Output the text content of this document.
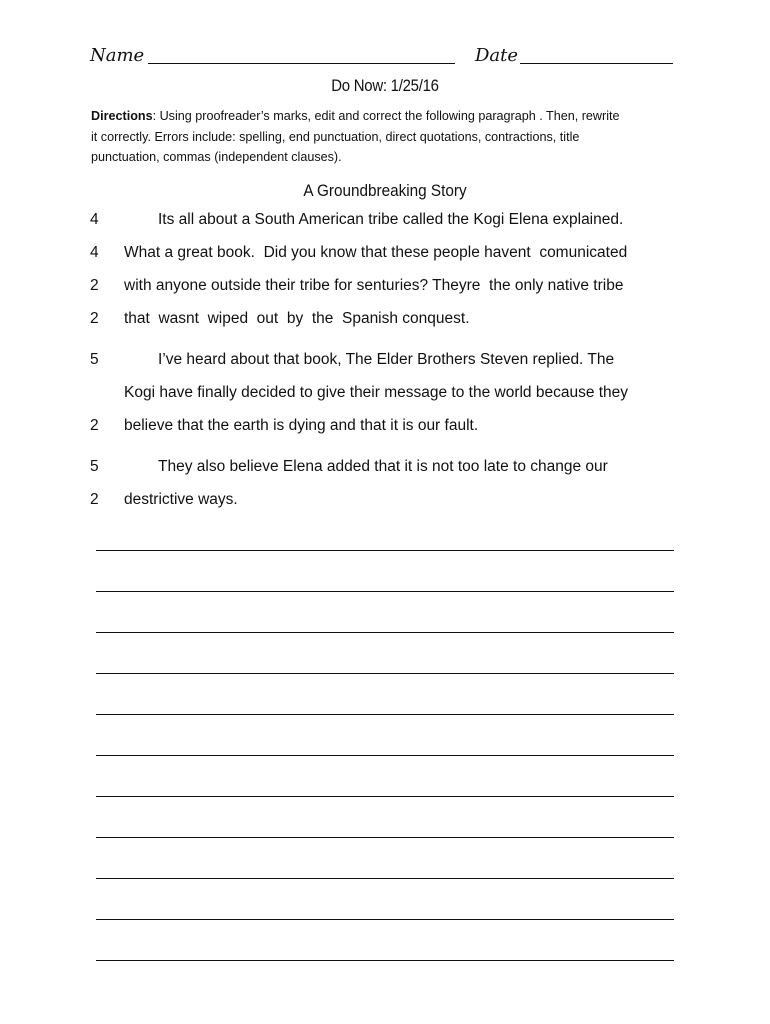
Name	Date
Do Now: 1/25/16
Directions: Using proofreader’s marks, edit and correct the following paragraph . Then, rewrite
it correctly. Errors include: spelling, end punctuation, direct quotations, contractions, title
punctuation, commas (independent clauses).
A Groundbreaking Story
4	Its all about a South American tribe called the Kogi Elena explained.
4 What a great book.  Did you know that these people havent  comunicated
2 with anyone outside their tribe for senturies? Theyre  the only native tribe
2 that  wasnt  wiped  out  by  the  Spanish conquest.
5	I’ve heard about that book, The Elder Brothers Steven replied. The
Kogi have finally decided to give their message to the world because they
2 believe that the earth is dying and that it is our fault.
5	They also believe Elena added that it is not too late to change our
2 destrictive ways.
